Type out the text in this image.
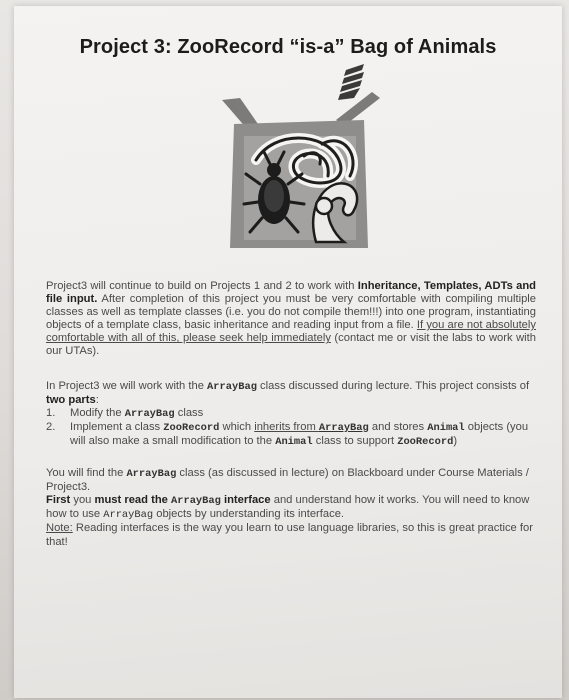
Project 3: ZooRecord “is-a” Bag of Animals

Project3 will continue to build on Projects 1 and 2 to work with Inheritance, Templates, ADTs and file input. After completion of this project you must be very comfortable with compiling multiple classes as well as template classes (i.e. you do not compile them!!!) into one program, instantiating objects of a template class, basic inheritance and reading input from a file. If you are not absolutely comfortable with all of this, please seek help immediately (contact me or visit the labs to work with our UTAs).

In Project3 we will work with the ArrayBag class discussed during lecture. This project consists of two parts:

1. Modify the ArrayBag class
2. Implement a class ZooRecord which inherits from ArrayBag and stores Animal objects (you will also make a small modification to the Animal class to support ZooRecord)

You will find the ArrayBag class (as discussed in lecture) on Blackboard under Course Materials / Project3.
First you must read the ArrayBag interface and understand how it works. You will need to know how to use ArrayBag objects by understanding its interface.
Note: Reading interfaces is the way you learn to use language libraries, so this is great practice for that!
